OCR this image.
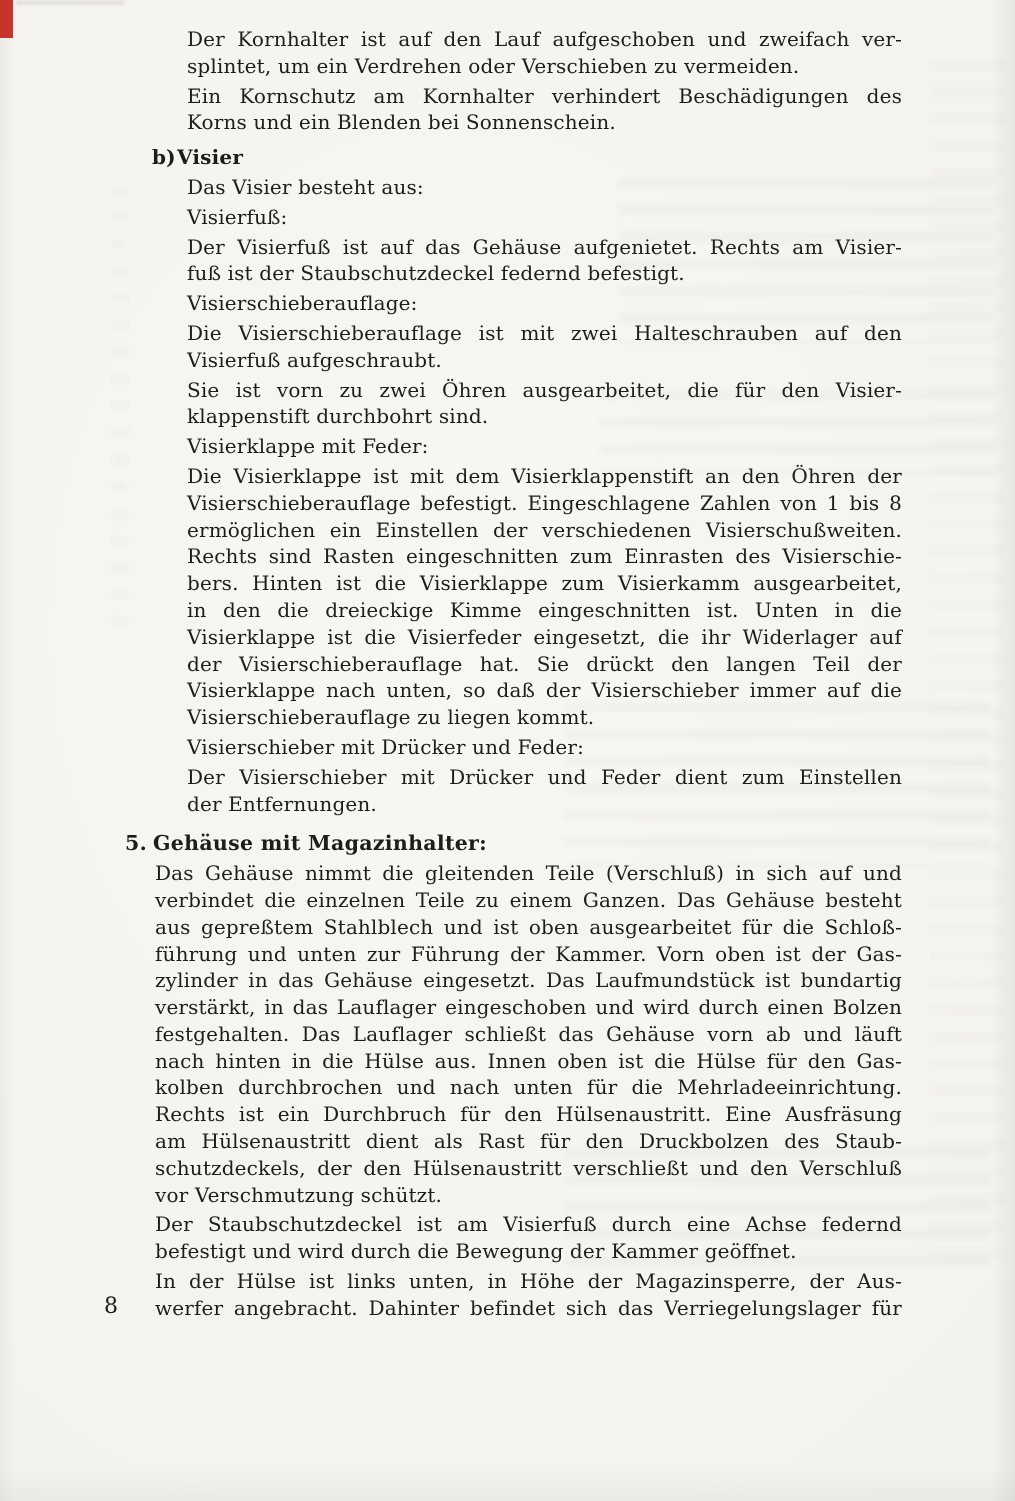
Der Kornhalter ist auf den Lauf aufgeschoben und zweifach ver-
splintet, um ein Verdrehen oder Verschieben zu vermeiden.
Ein Kornschutz am Kornhalter verhindert Beschädigungen des
Korns und ein Blenden bei Sonnenschein.
b)Visier
Das Visier besteht aus:
Visierfuß:
Der Visierfuß ist auf das Gehäuse aufgenietet. Rechts am Visier-
fuß ist der Staubschutzdeckel federnd befestigt.
Visierschieberauflage:
Die Visierschieberauflage ist mit zwei Halteschrauben auf den
Visierfuß aufgeschraubt.
Sie ist vorn zu zwei Öhren ausgearbeitet, die für den Visier-
klappenstift durchbohrt sind.
Visierklappe mit Feder:
Die Visierklappe ist mit dem Visierklappenstift an den Öhren der
Visierschieberauflage befestigt. Eingeschlagene Zahlen von 1 bis 8
ermöglichen ein Einstellen der verschiedenen Visierschußweiten.
Rechts sind Rasten eingeschnitten zum Einrasten des Visierschie-
bers. Hinten ist die Visierklappe zum Visierkamm ausgearbeitet,
in den die dreieckige Kimme eingeschnitten ist. Unten in die
Visierklappe ist die Visierfeder eingesetzt, die ihr Widerlager auf
der Visierschieberauflage hat. Sie drückt den langen Teil der
Visierklappe nach unten, so daß der Visierschieber immer auf die
Visierschieberauflage zu liegen kommt.
Visierschieber mit Drücker und Feder:
Der Visierschieber mit Drücker und Feder dient zum Einstellen
der Entfernungen.
5. Gehäuse mit Magazinhalter:
Das Gehäuse nimmt die gleitenden Teile (Verschluß) in sich auf und
verbindet die einzelnen Teile zu einem Ganzen. Das Gehäuse besteht
aus gepreßtem Stahlblech und ist oben ausgearbeitet für die Schloß-
führung und unten zur Führung der Kammer. Vorn oben ist der Gas-
zylinder in das Gehäuse eingesetzt. Das Laufmundstück ist bundartig
verstärkt, in das Lauflager eingeschoben und wird durch einen Bolzen
festgehalten. Das Lauflager schließt das Gehäuse vorn ab und läuft
nach hinten in die Hülse aus. Innen oben ist die Hülse für den Gas-
kolben durchbrochen und nach unten für die Mehrladeeinrichtung.
Rechts ist ein Durchbruch für den Hülsenaustritt. Eine Ausfräsung
am Hülsenaustritt dient als Rast für den Druckbolzen des Staub-
schutzdeckels, der den Hülsenaustritt verschließt und den Verschluß
vor Verschmutzung schützt.
Der Staubschutzdeckel ist am Visierfuß durch eine Achse federnd
befestigt und wird durch die Bewegung der Kammer geöffnet.
In der Hülse ist links unten, in Höhe der Magazinsperre, der Aus-
werfer angebracht. Dahinter befindet sich das Verriegelungslager für
8
